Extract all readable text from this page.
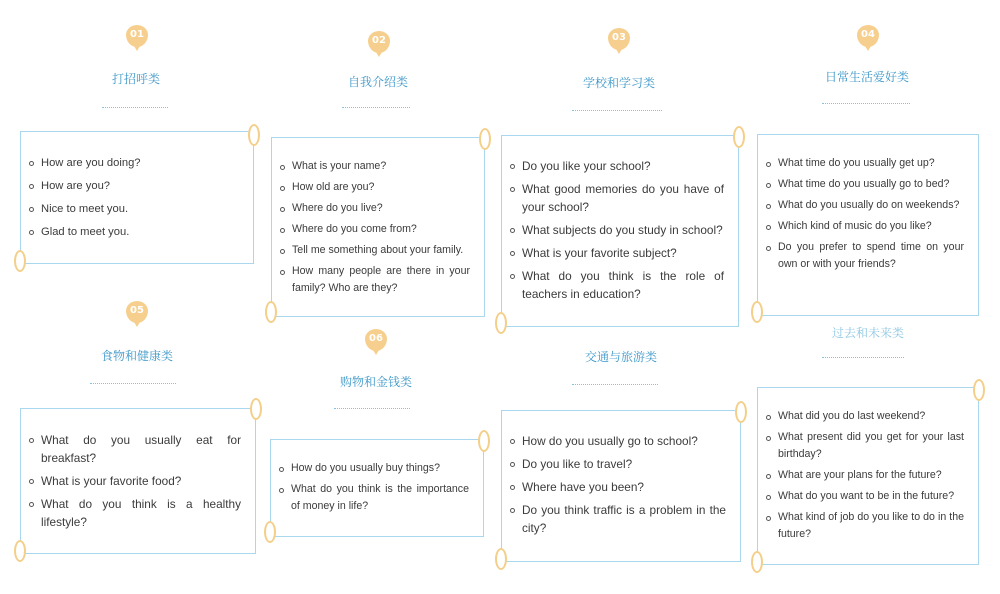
01
打招呼类
How are you doing?
How are you?
Nice to meet you.
Glad to meet you.
02
自我介绍类
What is your name?
How old are you?
Where do you live?
Where do you come from?
Tell me something about your family.
How many people are there in your family? Who are they?
03
学校和学习类
Do you like your school?
What good memories do you have of your school?
What subjects do you study in school?
What is your favorite subject?
What do you think is the role of teachers in education?
04
日常生活爱好类
What time do you usually get up?
What time do you usually go to bed?
What do you usually do on weekends?
Which kind of music do you like?
Do you prefer to spend time on your own or with your friends?
05
食物和健康类
What do you usually eat for breakfast?
What is your favorite food?
What do you think is a healthy lifestyle?
06
购物和金钱类
How do you usually buy things?
What do you think is the importance of money in life?
交通与旅游类
How do you usually go to school?
Do you like to travel?
Where have you been?
Do you think traffic is a problem in the city?
过去和未来类
What did you do last weekend?
What present did you get for your last birthday?
What are your plans for the future?
What do you want to be in the future?
What kind of job do you like to do in the future?
